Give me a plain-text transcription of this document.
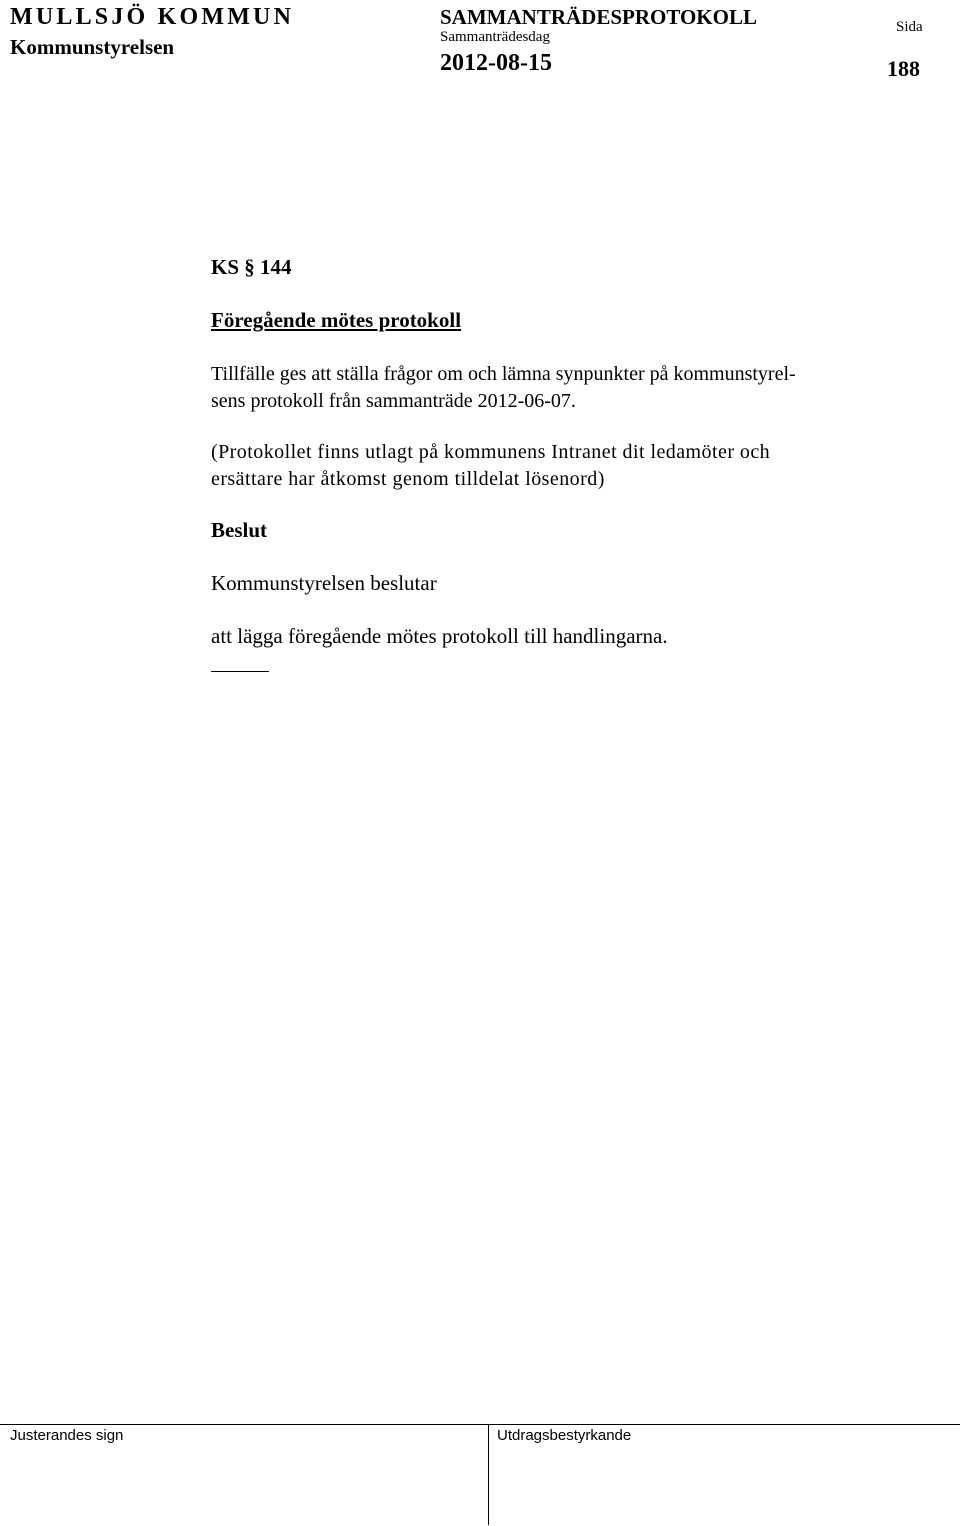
MULLSJÖ KOMMUN
Kommunstyrelsen
SAMMANTRÄDESPROTOKOLL
Sammanträdesdag
2012-08-15
Sida
188
KS § 144
Föregående mötes protokoll
Tillfälle ges att ställa frågor om och lämna synpunkter på kommunstyrel-
sens protokoll från sammanträde 2012-06-07.
(Protokollet finns utlagt på kommunens Intranet dit ledamöter och
ersättare har åtkomst genom tilldelat lösenord)
Beslut
Kommunstyrelsen beslutar
att lägga föregående mötes protokoll till handlingarna.
Justerandes sign	Utdragsbestyrkande
